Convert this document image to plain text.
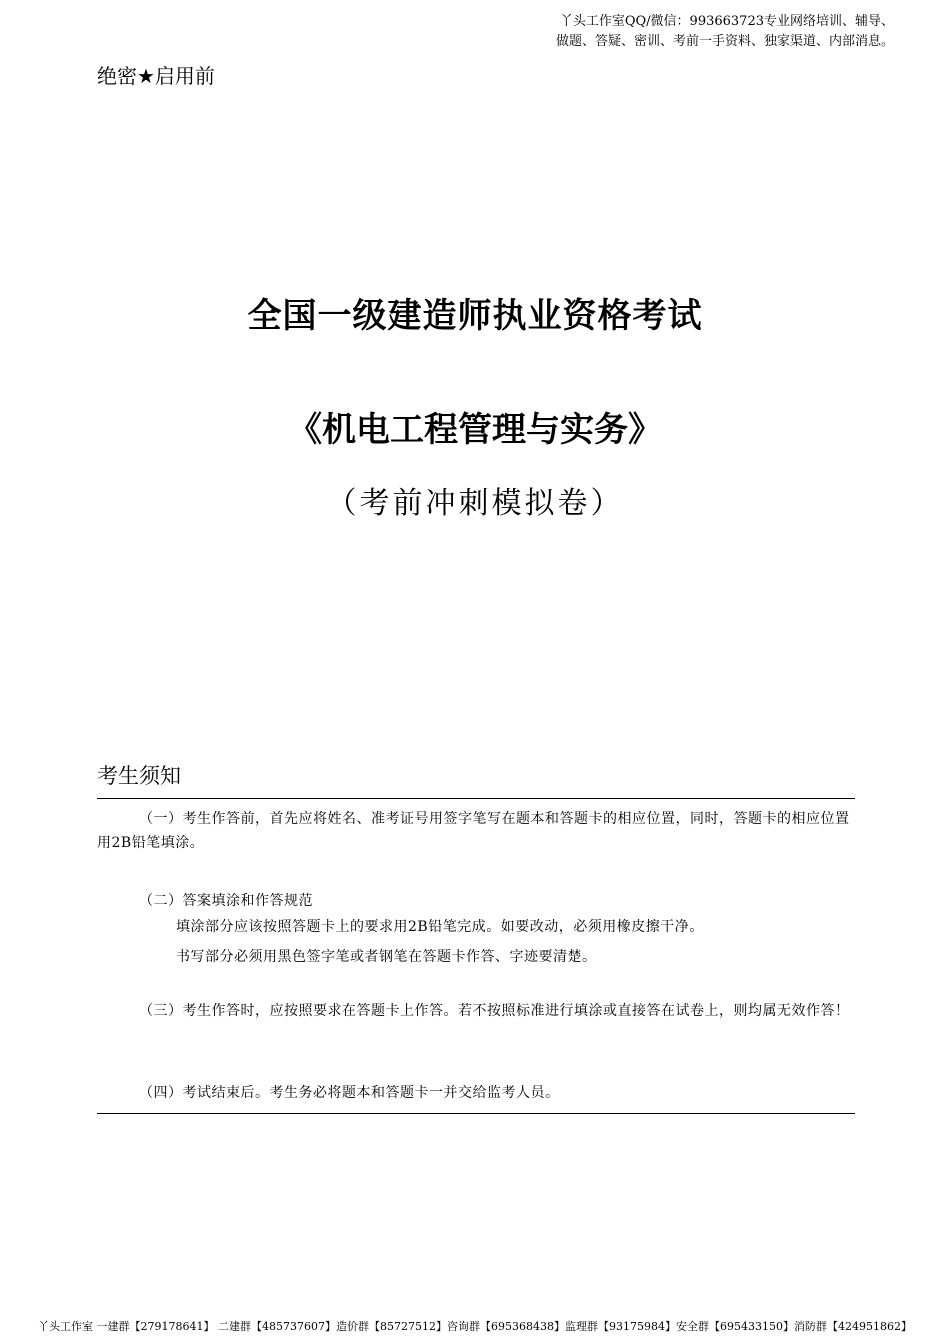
丫头工作室QQ/微信：993663723专业网络培训、辅导、
做题、答疑、密训、考前一手资料、独家渠道、内部消息。
绝密★启用前
全国一级建造师执业资格考试
《机电工程管理与实务》
（考前冲刺模拟卷）
考生须知
（一）考生作答前，首先应将姓名、准考证号用签字笔写在题本和答题卡的相应位置，同时，答题卡的相应位置用2B铅笔填涂。
（二）答案填涂和作答规范
填涂部分应该按照答题卡上的要求用2B铅笔完成。如要改动，必须用橡皮擦干净。
书写部分必须用黑色签字笔或者钢笔在答题卡作答、字迹要清楚。
（三）考生作答时，应按照要求在答题卡上作答。若不按照标准进行填涂或直接答在试卷上，则均属无效作答！
（四）考试结束后。考生务必将题本和答题卡一并交给监考人员。
丫头工作室 一建群【279178641】 二建群【485737607】造价群【85727512】咨询群【695368438】监理群【93175984】安全群【695433150】消防群【424951862】
